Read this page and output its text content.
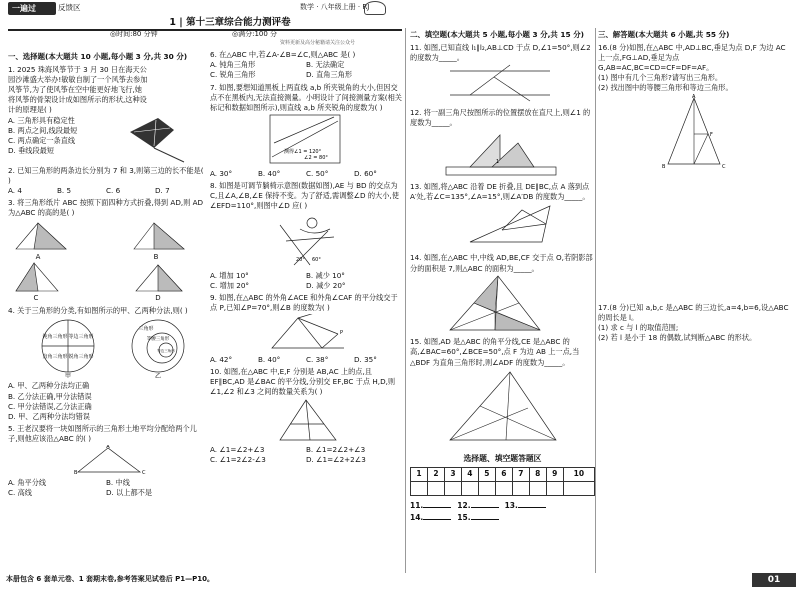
一遍过	反馈区	数学 · 八年级上册 · RJ
1 | 第十三章综合能力测评卷
◎时间:80 分钟	◎满分:100 分
资料更新及高分秘籍请关注公众号
一、选择题(本大题共 10 小题,每小题 3 分,共 30 分)
1. 2025 珠海风筝节于 3 月 30 日在海天公园沙滩盛大举办!敏敏自制了一个风筝去参加风筝节,为了使风筝在空中能更好地飞行,她将风筝的骨架设计成如图所示的形状,这种设计的原理是( )
A. 三角形具有稳定性
B. 两点之间,线段最短
C. 两点确定一条直线
D. 垂线段最短
2. 已知三角形的两条边长分别为 7 和 3,则第三边的长不能是( )
A. 4	B. 5	C. 6	D. 7
3. 将三角形纸片 ABC 按照下面四种方式折叠,得到 AD,则 AD 为△ABC 的高的是( )
A	B
C	D
4. 关于三角形的分类,有如图所示的甲、乙两种分法,则( )
钝角三角形 等边三角形
直角三角形 锐角三角形
甲
三角形
等腰三角形
等边三角形
乙
A. 甲、乙两种分法均正确
B. 乙分法正确,甲分法错误
C. 甲分法错误,乙分法正确
D. 甲、乙两种分法均错误
5. 王老汉要将一块如图所示的三角形土地平均分配给两个儿子,则他应该沿△ABC 的( )
A
B	C
A. 角平分线	B. 中线
C. 高线	D. 以上都不是
本册包含 6 套单元卷、1 套期末卷,参考答案见试卷后 P1—P10。
6. 在△ABC 中,若∠A-∠B=∠C,则△ABC 是( )
A. 钝角三角形	B. 无法确定
C. 锐角三角形	D. 直角三角形
7. 如图,要想知道黑板上两直线 a,b 所夹锐角的大小,但因交点不在黑板内,无法直接测量。小明设计了间接测量方案(相关标记和数据如图所示),则直线 a,b 所夹锐角的度数为( )
测得∠1 = 120°
∠2 = 80°
A. 30°	B. 40°	C. 50°	D. 60°
8. 如图是可调节躺椅示意图(数据如图),AE 与 BD 的交点为 C,且∠A,∠B,∠E 保持不变。为了舒适,需调整∠D 的大小,使∠EFD=110°,则图中∠D 应( )
20° 60°
A. 增加 10°	B. 减少 10°
C. 增加 20°	D. 减少 20°
9. 如图,在△ABC 的外角∠ACE 和外角∠CAF 的平分线交于点 P,已知∠P=70°,则∠B 的度数为( )
P
A. 42°	B. 40°	C. 38°	D. 35°
10. 如图,在△ABC 中,E,F 分别是 AB,AC 上的点,且 EF∥BC,AD 是∠BAC 的平分线,分别交 EF,BC 于点 H,D,则∠1,∠2 和∠3 之间的数量关系为( )
A. ∠1=∠2+∠3	B. ∠1=2∠2+∠3
C. ∠1=2∠2-∠3	D. ∠1=∠2+2∠3
二、填空题(本大题共 5 小题,每小题 3 分,共 15 分)
11. 如图,已知直线 l₁∥l₂,AB⊥CD 于点 D,∠1=50°,则∠2 的度数为_____。
12. 将一副三角尺按图所示的位置摆放在直尺上,则∠1 的度数为_____。
1
13. 如图,将△ABC 沿着 DE 折叠,且 DE∥BC,点 A 落到点 A′处,若∠C=135°,∠A=15°,则∠A′DB 的度数为_____。
14. 如图,在△ABC 中,中线 AD,BE,CF 交于点 O,若阴影部分的面积是 7,则△ABC 的面积为_____。
15. 如图,AD 是△ABC 的角平分线,CE 是△ABC 的高,∠BAC=60°,∠BCE=50°,点 F 为边 AB 上一点,当△BDF 为直角三角形时,则∠ADF 的度数为_____。
选择题、填空题答题区
1	2	3	4	5	6	7	8	9	10

11.	12.	13.14.	15.
三、解答题(本大题共 6 小题,共 55 分)
16.(8 分)如图,在△ABC 中,AD⊥BC,垂足为点 D,F 为边 AC 上一点,FG⊥AD,垂足为点 G,AB=AC,BC=CD=CF=DF=AF。
(1) 图中有几个三角形?请写出三角形。
(2) 找出图中的等腰三角形和等边三角形。
B	C
A
F
17.(8 分)已知 a,b,c 是△ABC 的三边长,a=4,b=6,设△ABC 的周长是 l。
(1) 求 c 与 l 的取值范围;
(2) 若 l 是小于 18 的偶数,试判断△ABC 的形状。
01
